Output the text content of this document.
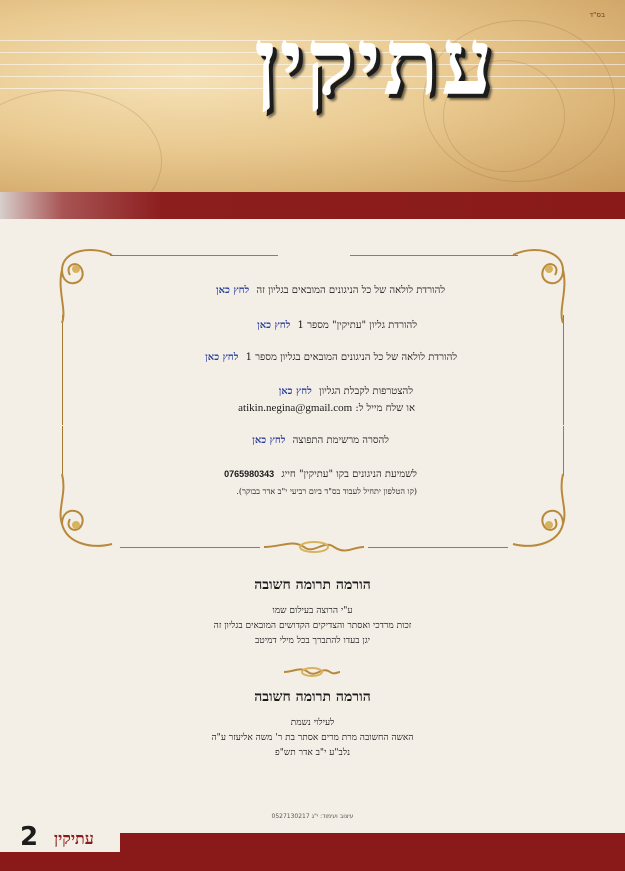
בס"ד
עתיקין
להורדת לולאה של כל הניגונים המובאים בגליון זה לחץ כאן
להורדת גליון "עתיקין" מספר 1 לחץ כאן
להורדת לולאה של כל הניגונים המובאים בגליון מספר 1 לחץ כאן
להצטרפות לקבלת הגליון לחץ כאן
או שלח מייל ל: atikin.negina@gmail.com
להסרה מרשימת התפוצה לחץ כאן
לשמיעת הניגונים בקו "עתיקין" חייג 0765980343
(קו הטלפון יתחיל לעבוד בס"ד ביום רביעי י"ב אדר בבוקר).

הורמה תרומה חשובה

ע"י הרוצה בעילום שמו

זכות מרדכי ואסתר והצדיקים הקדושים המובאים בגליון זה

יגן בעדו להתברך בכל מילי דמיטב

הורמה תרומה חשובה

לעילוי נשמת

האשה החשובה מרת מרים אסתר בת ר' משה אליעזר ע"ה

נלב"ע י"ב אדר תש"פ

עיצוב ועימוד: י"ג 0527130217
2 עתיקין
